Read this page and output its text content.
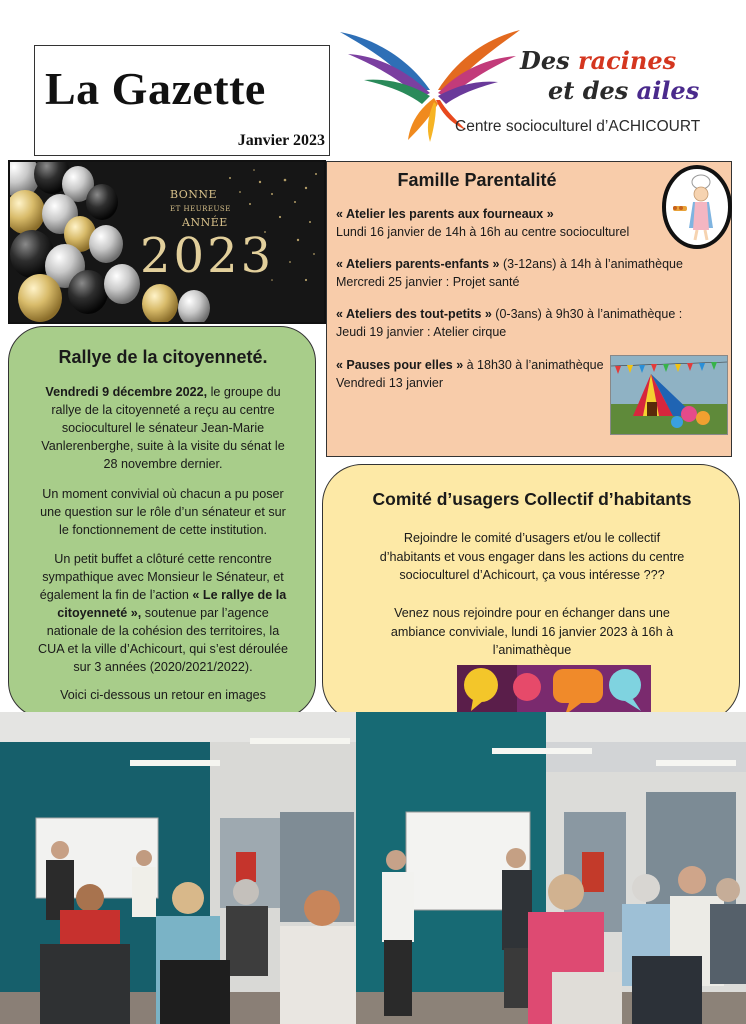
La Gazette
Janvier 2023
Des racines
et des ailes
Centre socioculturel d’ACHICOURT
BONNE
ET HEUREUSE
ANNÉE
2023
Famille Parentalité
« Atelier les parents aux fourneaux »
Lundi 16 janvier de 14h à 16h au centre socioculturel
« Ateliers parents-enfants » (3-12ans) à 14h à l’animathèque
Mercredi 25 janvier : Projet santé
« Ateliers des tout-petits » (0-3ans) à 9h30 à l’animathèque :
Jeudi 19 janvier : Atelier cirque
« Pauses pour elles » à 18h30 à l’animathèque
Vendredi 13 janvier
Rallye de la citoyenneté.
Vendredi 9 décembre 2022, le groupe du rallye de la citoyenneté a reçu au centre socioculturel le sénateur Jean-Marie Vanlerenberghe, suite à la visite du sénat le 28 novembre dernier.
Un moment convivial où chacun a pu poser une question sur le rôle d’un sénateur et sur le fonctionnement de cette institution.
Un petit buffet a clôturé cette rencontre sympathique avec Monsieur le Sénateur, et également la fin de l’action « Le rallye de la citoyenneté », soutenue par l’agence nationale de la cohésion des territoires, la CUA et la ville d’Achicourt, qui s’est déroulée sur 3 années (2020/2021/2022).
Voici ci-dessous un retour en images
Comité d’usagers Collectif d’habitants
Rejoindre le comité d’usagers et/ou le collectif d’habitants et vous engager dans les actions du centre socioculturel d’Achicourt, ça vous intéresse ???
Venez nous rejoindre pour en échanger dans une ambiance conviviale, lundi 16 janvier 2023 à 16h à l’animathèque
